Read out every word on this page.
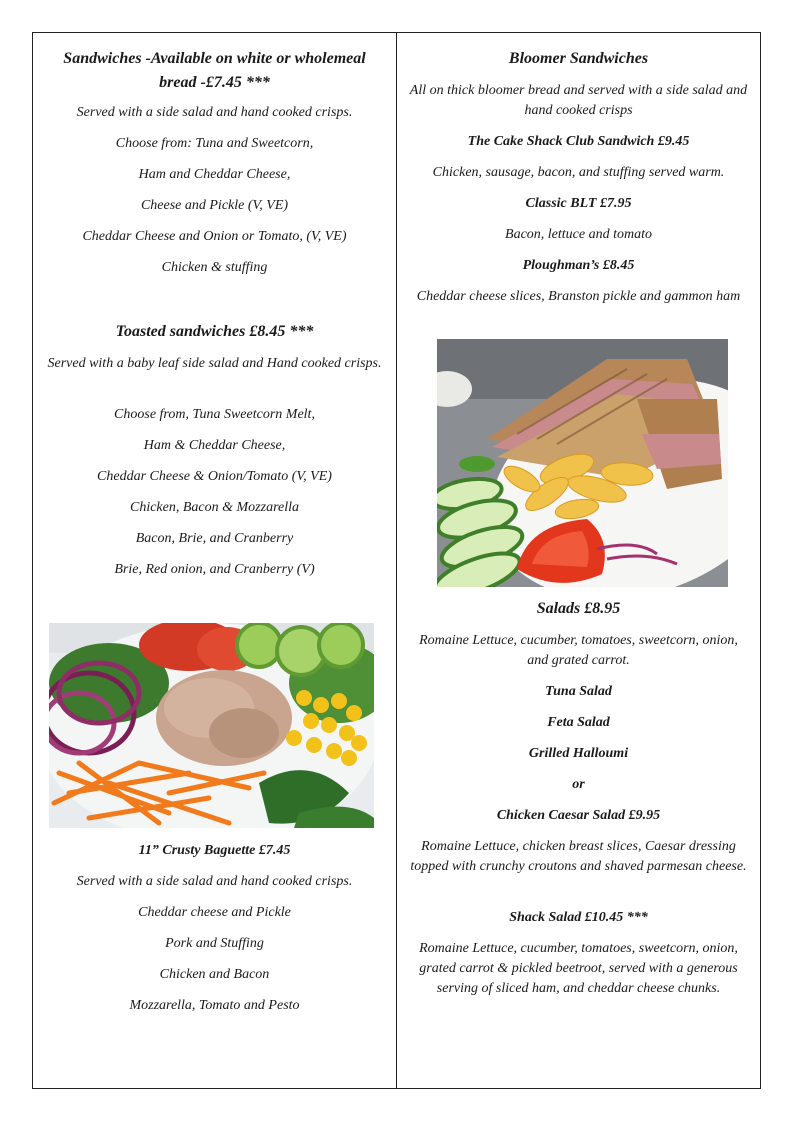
Sandwiches -Available on white or wholemeal bread -£7.45 ***

Served with a side salad and hand cooked crisps.

Choose from: Tuna and Sweetcorn,

Ham and Cheddar Cheese,

Cheese and Pickle (V, VE)

Cheddar Cheese and Onion or Tomato, (V, VE)

Chicken & stuffing

Toasted sandwiches £8.45 ***

Served with a baby leaf side salad and Hand cooked crisps.

Choose from, Tuna Sweetcorn Melt,

Ham & Cheddar Cheese,

Cheddar Cheese & Onion/Tomato (V, VE)

Chicken, Bacon & Mozzarella

Bacon, Brie, and Cranberry

Brie, Red onion, and Cranberry (V)

11” Crusty Baguette £7.45

Served with a side salad and hand cooked crisps.

Cheddar cheese and Pickle

Pork and Stuffing

Chicken and Bacon

Mozzarella, Tomato and Pesto

Bloomer Sandwiches

All on thick bloomer bread and served with a side salad and hand cooked crisps

The Cake Shack Club Sandwich £9.45

Chicken, sausage, bacon, and stuffing served warm.

Classic BLT £7.95

Bacon, lettuce and tomato

Ploughman’s £8.45

Cheddar cheese slices, Branston pickle and gammon ham

Salads £8.95

Romaine Lettuce, cucumber, tomatoes, sweetcorn, onion, and grated carrot.

Tuna Salad

Feta Salad

Grilled Halloumi

or

Chicken Caesar Salad £9.95

Romaine Lettuce, chicken breast slices, Caesar dressing topped with crunchy croutons and shaved parmesan cheese.

Shack Salad £10.45 ***

Romaine Lettuce, cucumber, tomatoes, sweetcorn, onion, grated carrot & pickled beetroot, served with a generous serving of sliced ham, and cheddar cheese chunks.
